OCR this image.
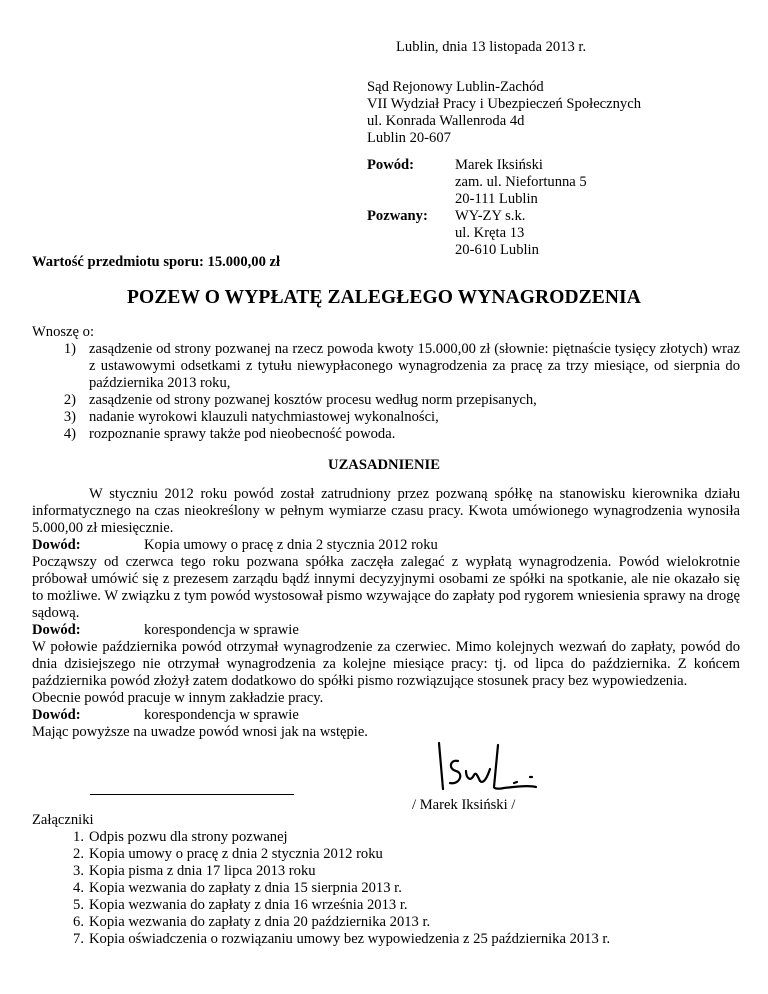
Lublin, dnia 13 listopada 2013 r.
Sąd Rejonowy Lublin-Zachód
VII Wydział Pracy i Ubezpieczeń Społecznych
ul. Konrada Wallenroda 4d
Lublin 20-607
Powód:	Marek Iksiński
zam. ul. Niefortunna 5
20-111 Lublin
Pozwany: WY-ZY s.k.
ul. Kręta 13
20-610 Lublin
Wartość przedmiotu sporu: 15.000,00 zł
POZEW O WYPŁATĘ ZALEGŁEGO WYNAGRODZENIA
Wnoszę o:
1) zasądzenie od strony pozwanej na rzecz powoda kwoty 15.000,00 zł (słownie: piętnaście tysięcy złotych) wraz z ustawowymi odsetkami z tytułu niewypłaconego wynagrodzenia za pracę za trzy miesiące, od sierpnia do października 2013 roku,
2) zasądzenie od strony pozwanej kosztów procesu według norm przepisanych,
3) nadanie wyrokowi klauzuli natychmiastowej wykonalności,
4) rozpoznanie sprawy także pod nieobecność powoda.
UZASADNIENIE

W styczniu 2012 roku powód został zatrudniony przez pozwaną spółkę na stanowisku kierownika działu informatycznego na czas nieokreślony w pełnym wymiarze czasu pracy. Kwota umówionego wynagrodzenia wynosiła 5.000,00 zł miesięcznie.

Dowód:	Kopia umowy o pracę z dnia 2 stycznia 2012 roku

Począwszy od czerwca tego roku pozwana spółka zaczęła zalegać z wypłatą wynagrodzenia. Powód wielokrotnie próbował umówić się z prezesem zarządu bądź innymi decyzyjnymi osobami ze spółki na spotkanie, ale nie okazało się to możliwe. W związku z tym powód wystosował pismo wzywające do zapłaty pod rygorem wniesienia sprawy na drogę sądową.

Dowód:	korespondencja w sprawie

W połowie października powód otrzymał wynagrodzenie za czerwiec. Mimo kolejnych wezwań do zapłaty, powód do dnia dzisiejszego nie otrzymał wynagrodzenia za kolejne miesiące pracy: tj. od lipca do października. Z końcem października powód złożył zatem dodatkowo do spółki pismo rozwiązujące stosunek pracy bez wypowiedzenia.

Obecnie powód pracuje w innym zakładzie pracy.

Dowód:	korespondencja w sprawie

Mając powyższe na uwadze powód wnosi jak na wstępie.

/ Marek Iksiński /
Załączniki
1. Odpis pozwu dla strony pozwanej
2. Kopia umowy o pracę z dnia 2 stycznia 2012 roku
3. Kopia pisma z dnia 17 lipca 2013 roku
4. Kopia wezwania do zapłaty z dnia 15 sierpnia 2013 r.
5. Kopia wezwania do zapłaty z dnia 16 września 2013 r.
6. Kopia wezwania do zapłaty z dnia 20 października 2013 r.
7. Kopia oświadczenia o rozwiązaniu umowy bez wypowiedzenia z 25 października 2013 r.
